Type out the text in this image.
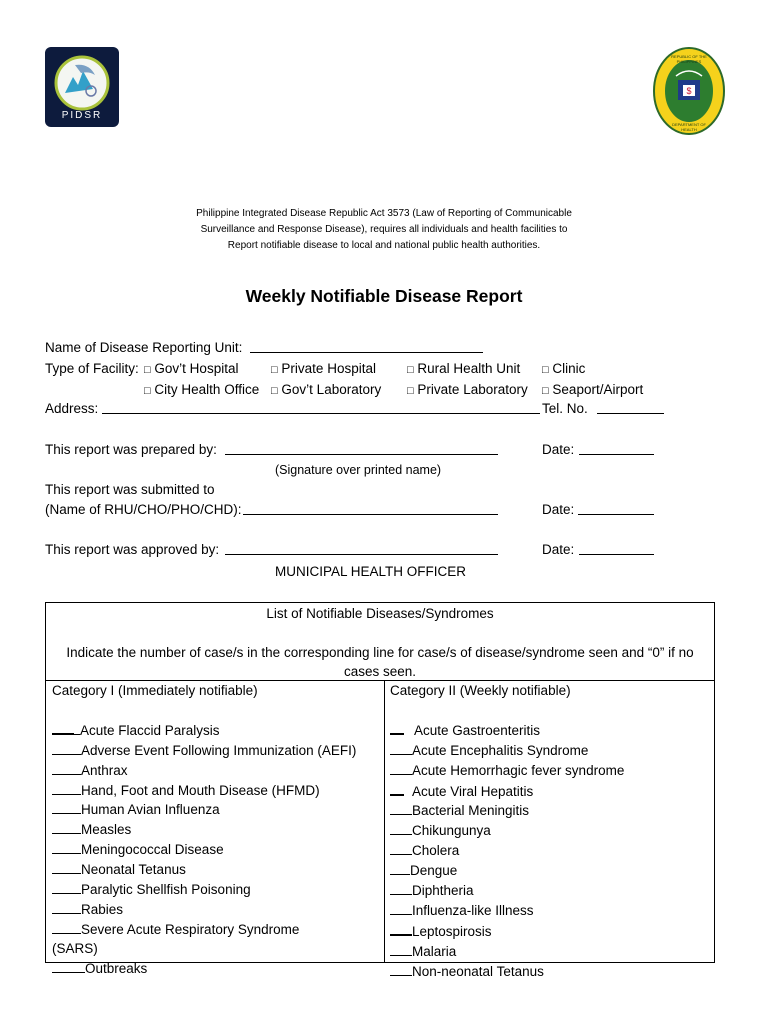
PIDSR
$
REPUBLIC OF THE PHILIPPINES
DEPARTMENT OF HEALTH
Philippine Integrated Disease Republic Act 3573 (Law of Reporting of Communicable
Surveillance and Response Disease), requires all individuals and health facilities to
Report notifiable disease to local and national public health authorities.
Weekly Notifiable Disease Report
Name of Disease Reporting Unit:
Type of Facility: □ Gov’t Hospital	□ Private Hospital	□ Rural Health Unit □ Clinic
□ City Health Office □ Gov’t Laboratory □ Private Laboratory □ Seaport/Airport
Address:	Tel. No.
This report was prepared by:	Date:
(Signature over printed name)
This report was submitted to
(Name of RHU/CHO/PHO/CHD):	Date:
This report was approved by:	Date:
MUNICIPAL HEALTH OFFICER
List of Notifiable Diseases/Syndromes
Indicate the number of case/s in the corresponding line for case/s of disease/syndrome seen and “0” if no cases seen.
Category I (Immediately notifiable)
Acute Flaccid Paralysis
Adverse Event Following Immunization (AEFI)
Anthrax
Hand, Foot and Mouth Disease (HFMD)
Human Avian Influenza
Measles
Meningococcal Disease
Neonatal Tetanus
Paralytic Shellfish Poisoning
Rabies
Severe Acute Respiratory Syndrome
(SARS)
Outbreaks
Category II (Weekly notifiable)
Acute Gastroenteritis
Acute Encephalitis Syndrome
Acute Hemorrhagic fever syndrome
Acute Viral Hepatitis
Bacterial Meningitis
Chikungunya
Cholera
Dengue
Diphtheria
Influenza-like Illness
Leptospirosis
Malaria
Non-neonatal Tetanus
